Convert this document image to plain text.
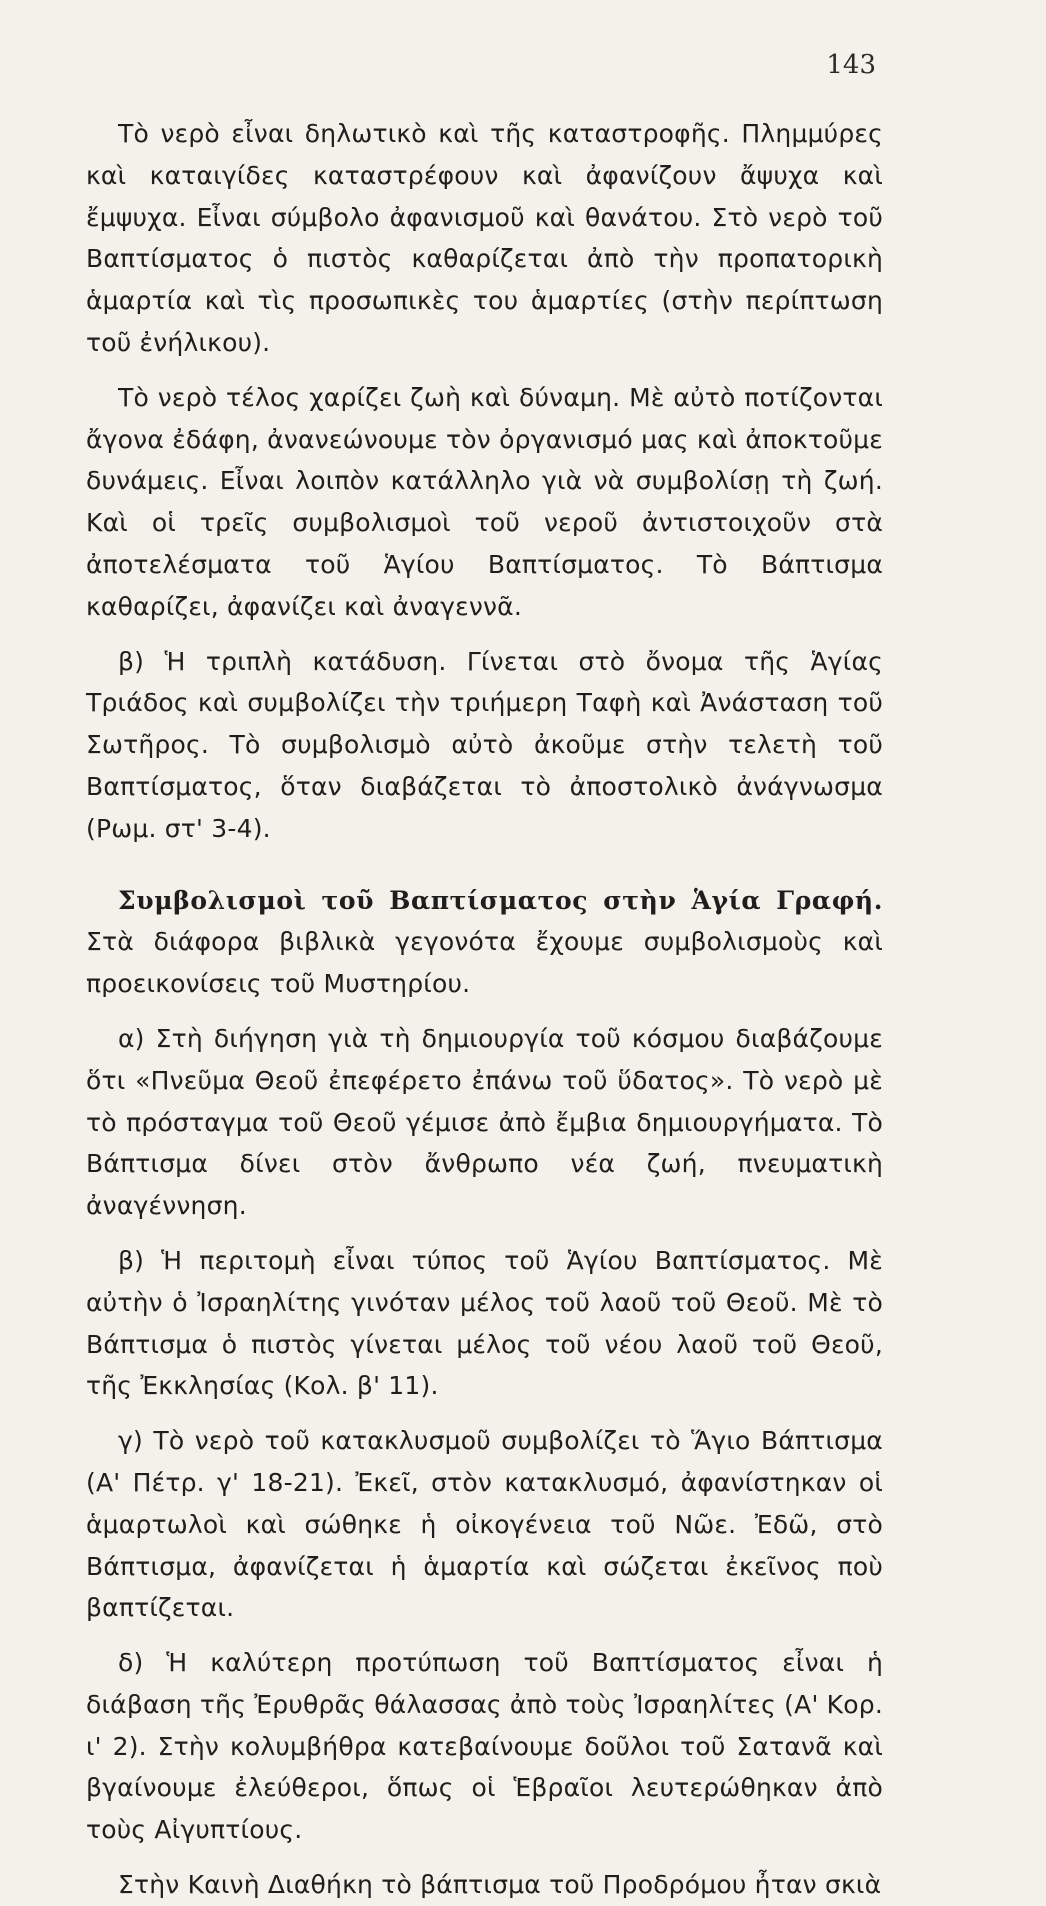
143

Τὸ νερὸ εἶναι δηλωτικὸ καὶ τῆς καταστροφῆς. Πλημμύρες καὶ καταιγίδες καταστρέφουν καὶ ἀφανίζουν ἄψυχα καὶ ἔμψυχα. Εἶναι σύμβολο ἀφανισμοῦ καὶ θανάτου. Στὸ νερὸ τοῦ Βαπτίσματος ὁ πιστὸς καθαρίζεται ἀπὸ τὴν προπατορικὴ ἁμαρτία καὶ τὶς προσωπικὲς του ἁμαρτίες (στὴν περίπτωση τοῦ ἐνήλικου).

Τὸ νερὸ τέλος χαρίζει ζωὴ καὶ δύναμη. Μὲ αὐτὸ ποτίζονται ἄγονα ἐδάφη, ἀνανεώνουμε τὸν ὀργανισμό μας καὶ ἀποκτοῦμε δυνάμεις. Εἶναι λοιπὸν κατάλληλο γιὰ νὰ συμβολίσῃ τὴ ζωή. Καὶ οἱ τρεῖς συμβολισμοὶ τοῦ νεροῦ ἀντιστοιχοῦν στὰ ἀποτελέσματα τοῦ Ἁγίου Βαπτίσματος. Τὸ Βάπτισμα καθαρίζει, ἀφανίζει καὶ ἀναγεννᾶ.

β) Ἡ τριπλὴ κατάδυση. Γίνεται στὸ ὄνομα τῆς Ἁγίας Τριάδος καὶ συμβολίζει τὴν τριήμερη Ταφὴ καὶ Ἀνάσταση τοῦ Σωτῆρος. Τὸ συμβολισμὸ αὐτὸ ἀκοῦμε στὴν τελετὴ τοῦ Βαπτίσματος, ὅταν διαβάζεται τὸ ἀποστολικὸ ἀνάγνωσμα (Ρωμ. στ' 3-4).

Συμβολισμοὶ τοῦ Βαπτίσματος στὴν Ἁγία Γραφή. Στὰ διάφορα βιβλικὰ γεγονότα ἔχουμε συμβολισμοὺς καὶ προεικονίσεις τοῦ Μυστηρίου.

α) Στὴ διήγηση γιὰ τὴ δημιουργία τοῦ κόσμου διαβάζουμε ὅτι «Πνεῦμα Θεοῦ ἐπεφέρετο ἐπάνω τοῦ ὕδατος». Τὸ νερὸ μὲ τὸ πρόσταγμα τοῦ Θεοῦ γέμισε ἀπὸ ἔμβια δημιουργήματα. Τὸ Βάπτισμα δίνει στὸν ἄνθρωπο νέα ζωή, πνευματικὴ ἀναγέννηση.

β) Ἡ περιτομὴ εἶναι τύπος τοῦ Ἁγίου Βαπτίσματος. Μὲ αὐτὴν ὁ Ἰσραηλίτης γινόταν μέλος τοῦ λαοῦ τοῦ Θεοῦ. Μὲ τὸ Βάπτισμα ὁ πιστὸς γίνεται μέλος τοῦ νέου λαοῦ τοῦ Θεοῦ, τῆς Ἐκκλησίας (Κολ. β' 11).

γ) Τὸ νερὸ τοῦ κατακλυσμοῦ συμβολίζει τὸ Ἅγιο Βάπτισμα (Α' Πέτρ. γ' 18-21). Ἐκεῖ, στὸν κατακλυσμό, ἀφανίστηκαν οἱ ἁμαρτωλοὶ καὶ σώθηκε ἡ οἰκογένεια τοῦ Νῶε. Ἐδῶ, στὸ Βάπτισμα, ἀφανίζεται ἡ ἁμαρτία καὶ σώζεται ἐκεῖνος ποὺ βαπτίζεται.

δ) Ἡ καλύτερη προτύπωση τοῦ Βαπτίσματος εἶναι ἡ διάβαση τῆς Ἐρυθρᾶς θάλασσας ἀπὸ τοὺς Ἰσραηλίτες (Α' Κορ. ι' 2). Στὴν κολυμβήθρα κατεβαίνουμε δοῦλοι τοῦ Σατανᾶ καὶ βγαίνουμε ἐλεύθεροι, ὅπως οἱ Ἑβραῖοι λευτερώθηκαν ἀπὸ τοὺς Αἰγυπτίους.

Στὴν Καινὴ Διαθήκη τὸ βάπτισμα τοῦ Προδρόμου ἦταν σκιὰ
